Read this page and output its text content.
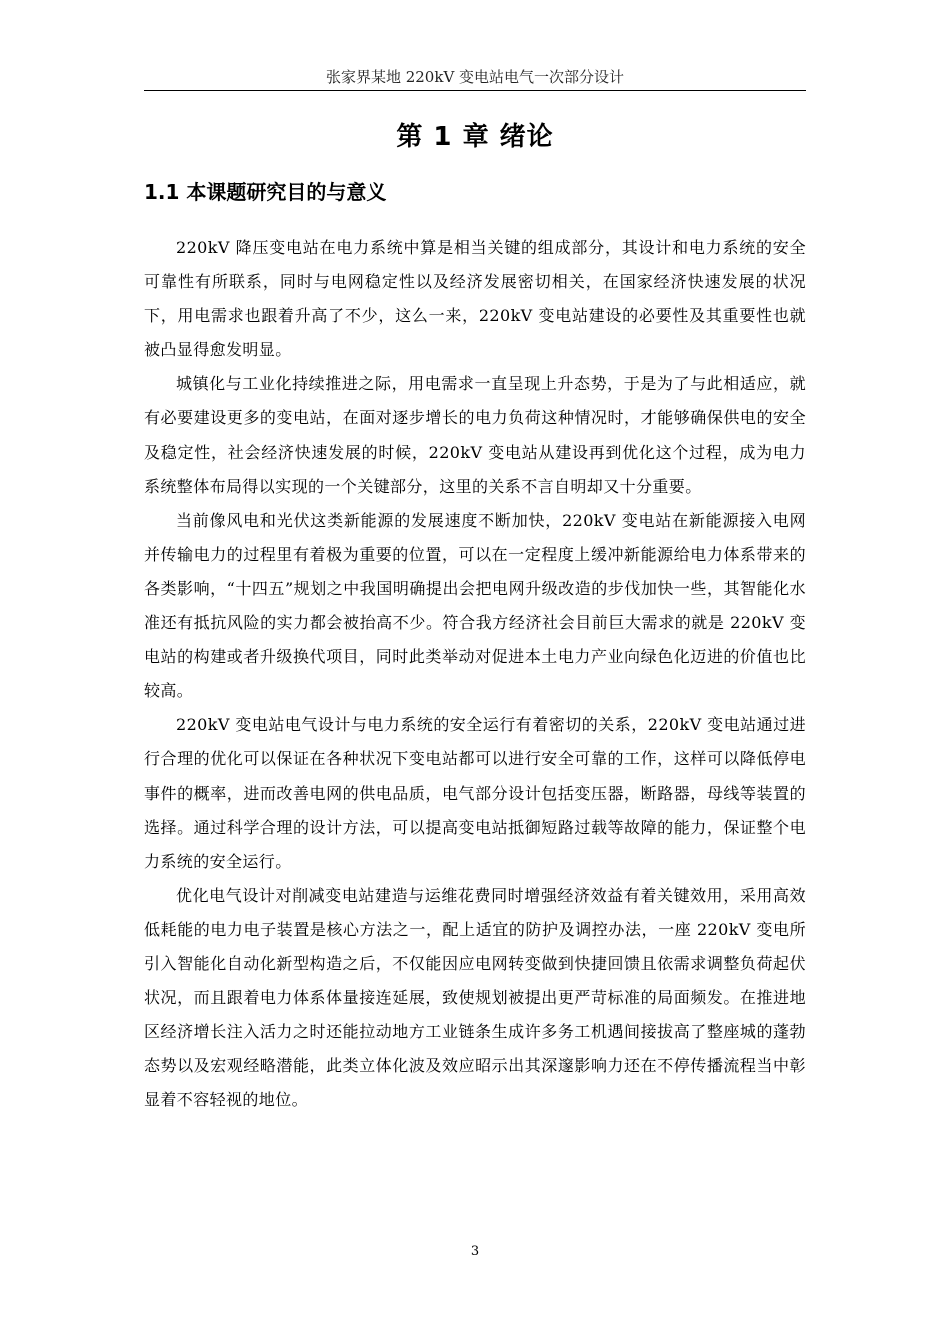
张家界某地 220kV 变电站电气一次部分设计
第 1 章 绪论
1.1 本课题研究目的与意义

220kV 降压变电站在电力系统中算是相当关键的组成部分，其设计和电力系统的安全可靠性有所联系，同时与电网稳定性以及经济发展密切相关，在国家经济快速发展的状况下，用电需求也跟着升高了不少，这么一来，220kV 变电站建设的必要性及其重要性也就被凸显得愈发明显。

城镇化与工业化持续推进之际，用电需求一直呈现上升态势，于是为了与此相适应，就有必要建设更多的变电站，在面对逐步增长的电力负荷这种情况时，才能够确保供电的安全及稳定性，社会经济快速发展的时候，220kV 变电站从建设再到优化这个过程，成为电力系统整体布局得以实现的一个关键部分，这里的关系不言自明却又十分重要。

当前像风电和光伏这类新能源的发展速度不断加快，220kV 变电站在新能源接入电网并传输电力的过程里有着极为重要的位置，可以在一定程度上缓冲新能源给电力体系带来的各类影响，“十四五”规划之中我国明确提出会把电网升级改造的步伐加快一些，其智能化水准还有抵抗风险的实力都会被抬高不少。符合我方经济社会目前巨大需求的就是 220kV 变电站的构建或者升级换代项目，同时此类举动对促进本土电力产业向绿色化迈进的价值也比较高。

220kV 变电站电气设计与电力系统的安全运行有着密切的关系，220kV 变电站通过进行合理的优化可以保证在各种状况下变电站都可以进行安全可靠的工作，这样可以降低停电事件的概率，进而改善电网的供电品质，电气部分设计包括变压器，断路器，母线等装置的选择。通过科学合理的设计方法，可以提高变电站抵御短路过载等故障的能力，保证整个电力系统的安全运行。

优化电气设计对削减变电站建造与运维花费同时增强经济效益有着关键效用，采用高效低耗能的电力电子装置是核心方法之一，配上适宜的防护及调控办法，一座 220kV 变电所引入智能化自动化新型构造之后，不仅能因应电网转变做到快捷回馈且依需求调整负荷起伏状况，而且跟着电力体系体量接连延展，致使规划被提出更严苛标准的局面频发。在推进地区经济增长注入活力之时还能拉动地方工业链条生成许多务工机遇间接拔高了整座城的蓬勃态势以及宏观经略潜能，此类立体化波及效应昭示出其深邃影响力还在不停传播流程当中彰显着不容轻视的地位。

3
